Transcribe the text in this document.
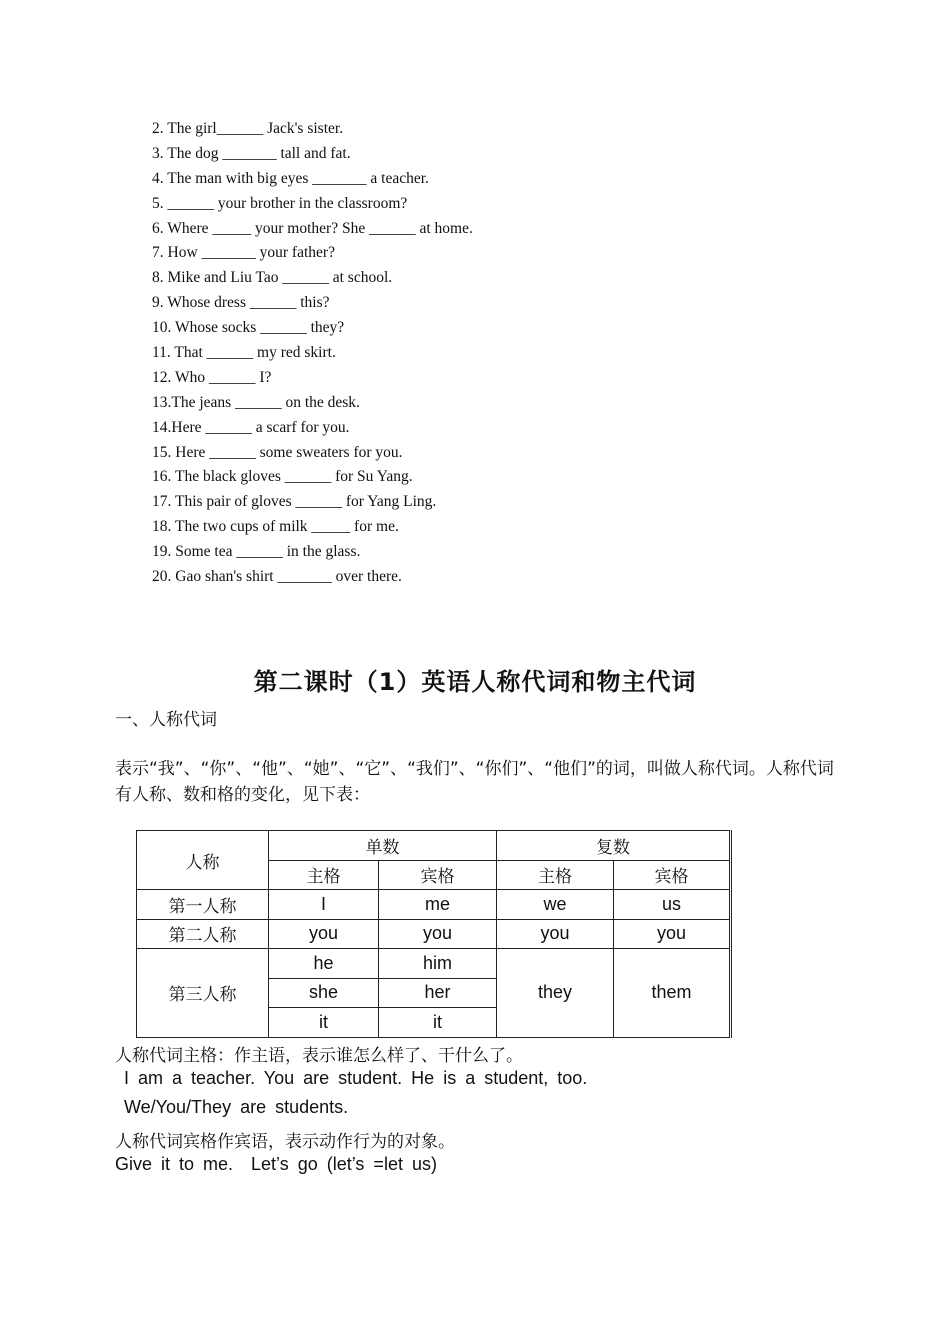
2. The girl______ Jack's sister.
3. The dog _______ tall and fat.
4. The man with big eyes _______ a teacher.
5. ______ your brother in the classroom?
6. Where _____ your mother? She ______ at home.
7. How _______ your father?
8. Mike and Liu Tao ______ at school.
9. Whose dress ______ this?
10. Whose socks ______ they?
11. That ______ my red skirt.
12. Who ______ I?
13.The jeans ______ on the desk.
14.Here ______ a scarf for you.
15. Here ______ some sweaters for you.
16. The black gloves ______ for Su Yang.
17. This pair of gloves ______ for Yang Ling.
18. The two cups of milk _____ for me.
19. Some tea ______ in the glass.
20. Gao shan's shirt _______ over there.
第二课时（1）英语人称代词和物主代词
一、人称代词
表示“我”、“你”、“他”、“她”、“它”、“我们”、“你们”、“他们”的词，叫做人称代词。人称代词有人称、数和格的变化，见下表：
人称	单数		复数	
	主格	宾格	主格	宾格
第一人称	I	me	we	us
第二人称	you	you	you	you
第三人称	he	him	they	them
	she	her		
	it	it		
人称代词主格：作主语，表示谁怎么样了、干什么了。
I am a teacher. You are student. He is a student, too.
We/You/They are students.
人称代词宾格作宾语，表示动作行为的对象。
Give it to me.  Let’s go (let’s =let us)
